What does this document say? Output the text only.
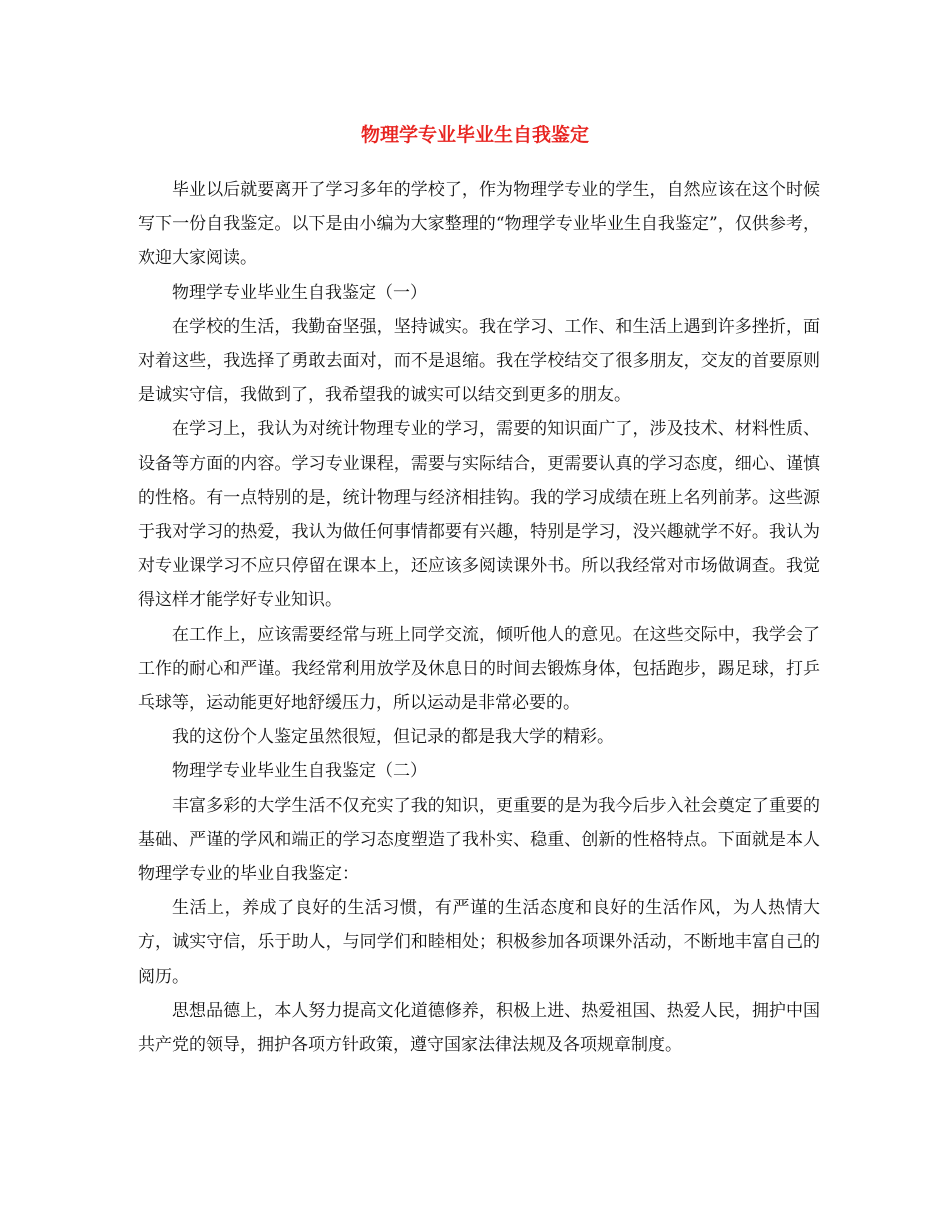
物理学专业毕业生自我鉴定

毕业以后就要离开了学习多年的学校了，作为物理学专业的学生，自然应该在这个时候写下一份自我鉴定。以下是由小编为大家整理的“物理学专业毕业生自我鉴定”，仅供参考，欢迎大家阅读。

物理学专业毕业生自我鉴定（一）

在学校的生活，我勤奋坚强，坚持诚实。我在学习、工作、和生活上遇到许多挫折，面对着这些，我选择了勇敢去面对，而不是退缩。我在学校结交了很多朋友，交友的首要原则是诚实守信，我做到了，我希望我的诚实可以结交到更多的朋友。

在学习上，我认为对统计物理专业的学习，需要的知识面广了，涉及技术、材料性质、设备等方面的内容。学习专业课程，需要与实际结合，更需要认真的学习态度，细心、谨慎的性格。有一点特别的是，统计物理与经济相挂钩。我的学习成绩在班上名列前茅。这些源于我对学习的热爱，我认为做任何事情都要有兴趣，特别是学习，没兴趣就学不好。我认为对专业课学习不应只停留在课本上，还应该多阅读课外书。所以我经常对市场做调查。我觉得这样才能学好专业知识。

在工作上，应该需要经常与班上同学交流，倾听他人的意见。在这些交际中，我学会了工作的耐心和严谨。我经常利用放学及休息日的时间去锻炼身体，包括跑步，踢足球，打乒乓球等，运动能更好地舒缓压力，所以运动是非常必要的。

我的这份个人鉴定虽然很短，但记录的都是我大学的精彩。

物理学专业毕业生自我鉴定（二）

丰富多彩的大学生活不仅充实了我的知识，更重要的是为我今后步入社会奠定了重要的基础、严谨的学风和端正的学习态度塑造了我朴实、稳重、创新的性格特点。下面就是本人物理学专业的毕业自我鉴定：

生活上，养成了良好的生活习惯，有严谨的生活态度和良好的生活作风，为人热情大方，诚实守信，乐于助人，与同学们和睦相处；积极参加各项课外活动，不断地丰富自己的阅历。

思想品德上，本人努力提高文化道德修养，积极上进、热爱祖国、热爱人民，拥护中国共产党的领导，拥护各项方针政策，遵守国家法律法规及各项规章制度。
